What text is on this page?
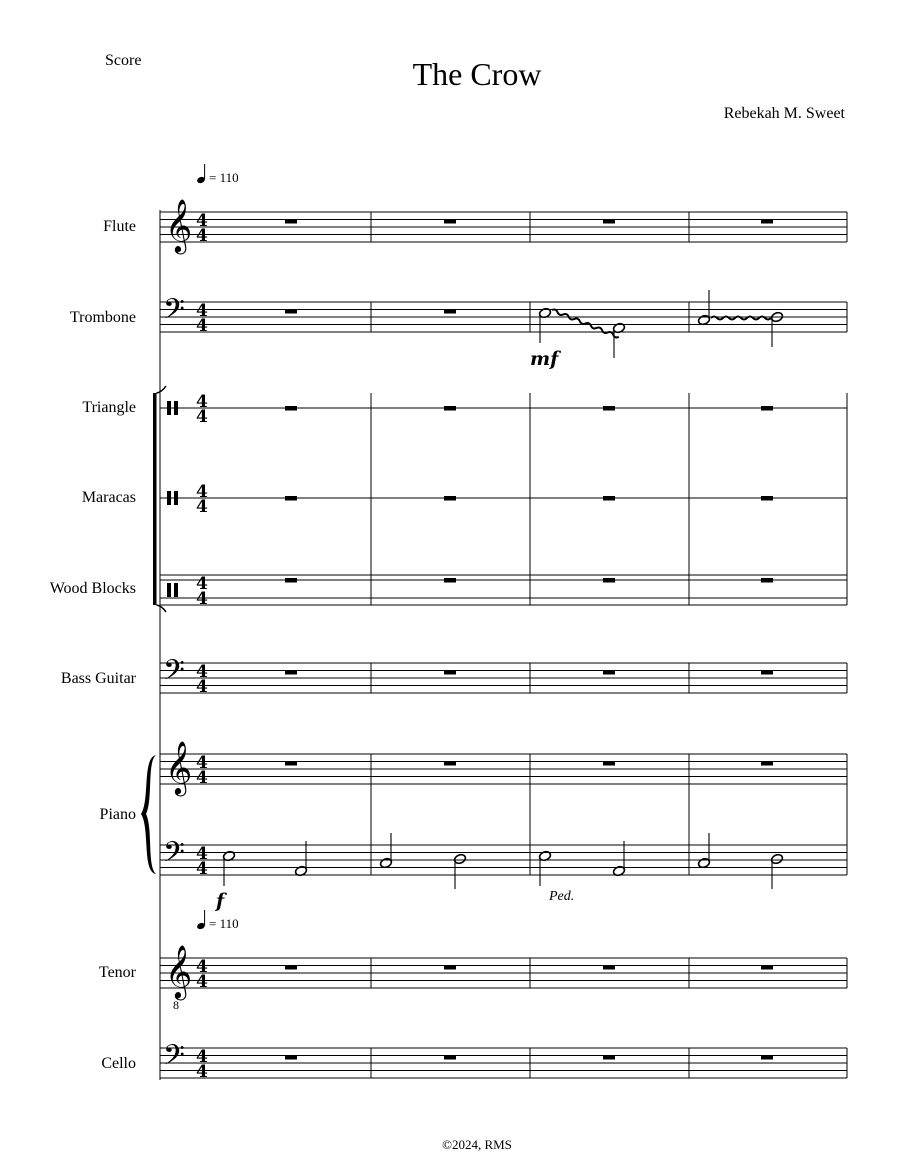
Score	The Crow
Rebekah M. Sweet
Flute
Trombone
Triangle
Maracas
Wood Blocks
Bass Guitar
Piano
Tenor
Cello
= 110
= 110
𝄞 4
4
𝄢 4
4
mf
4
4
4
4
4
4
𝄢 4
4
𝄞 4
4
𝄢 4
4
f	Ped.
𝄞
8
4
4
𝄢 4
4
©2024, RMS
